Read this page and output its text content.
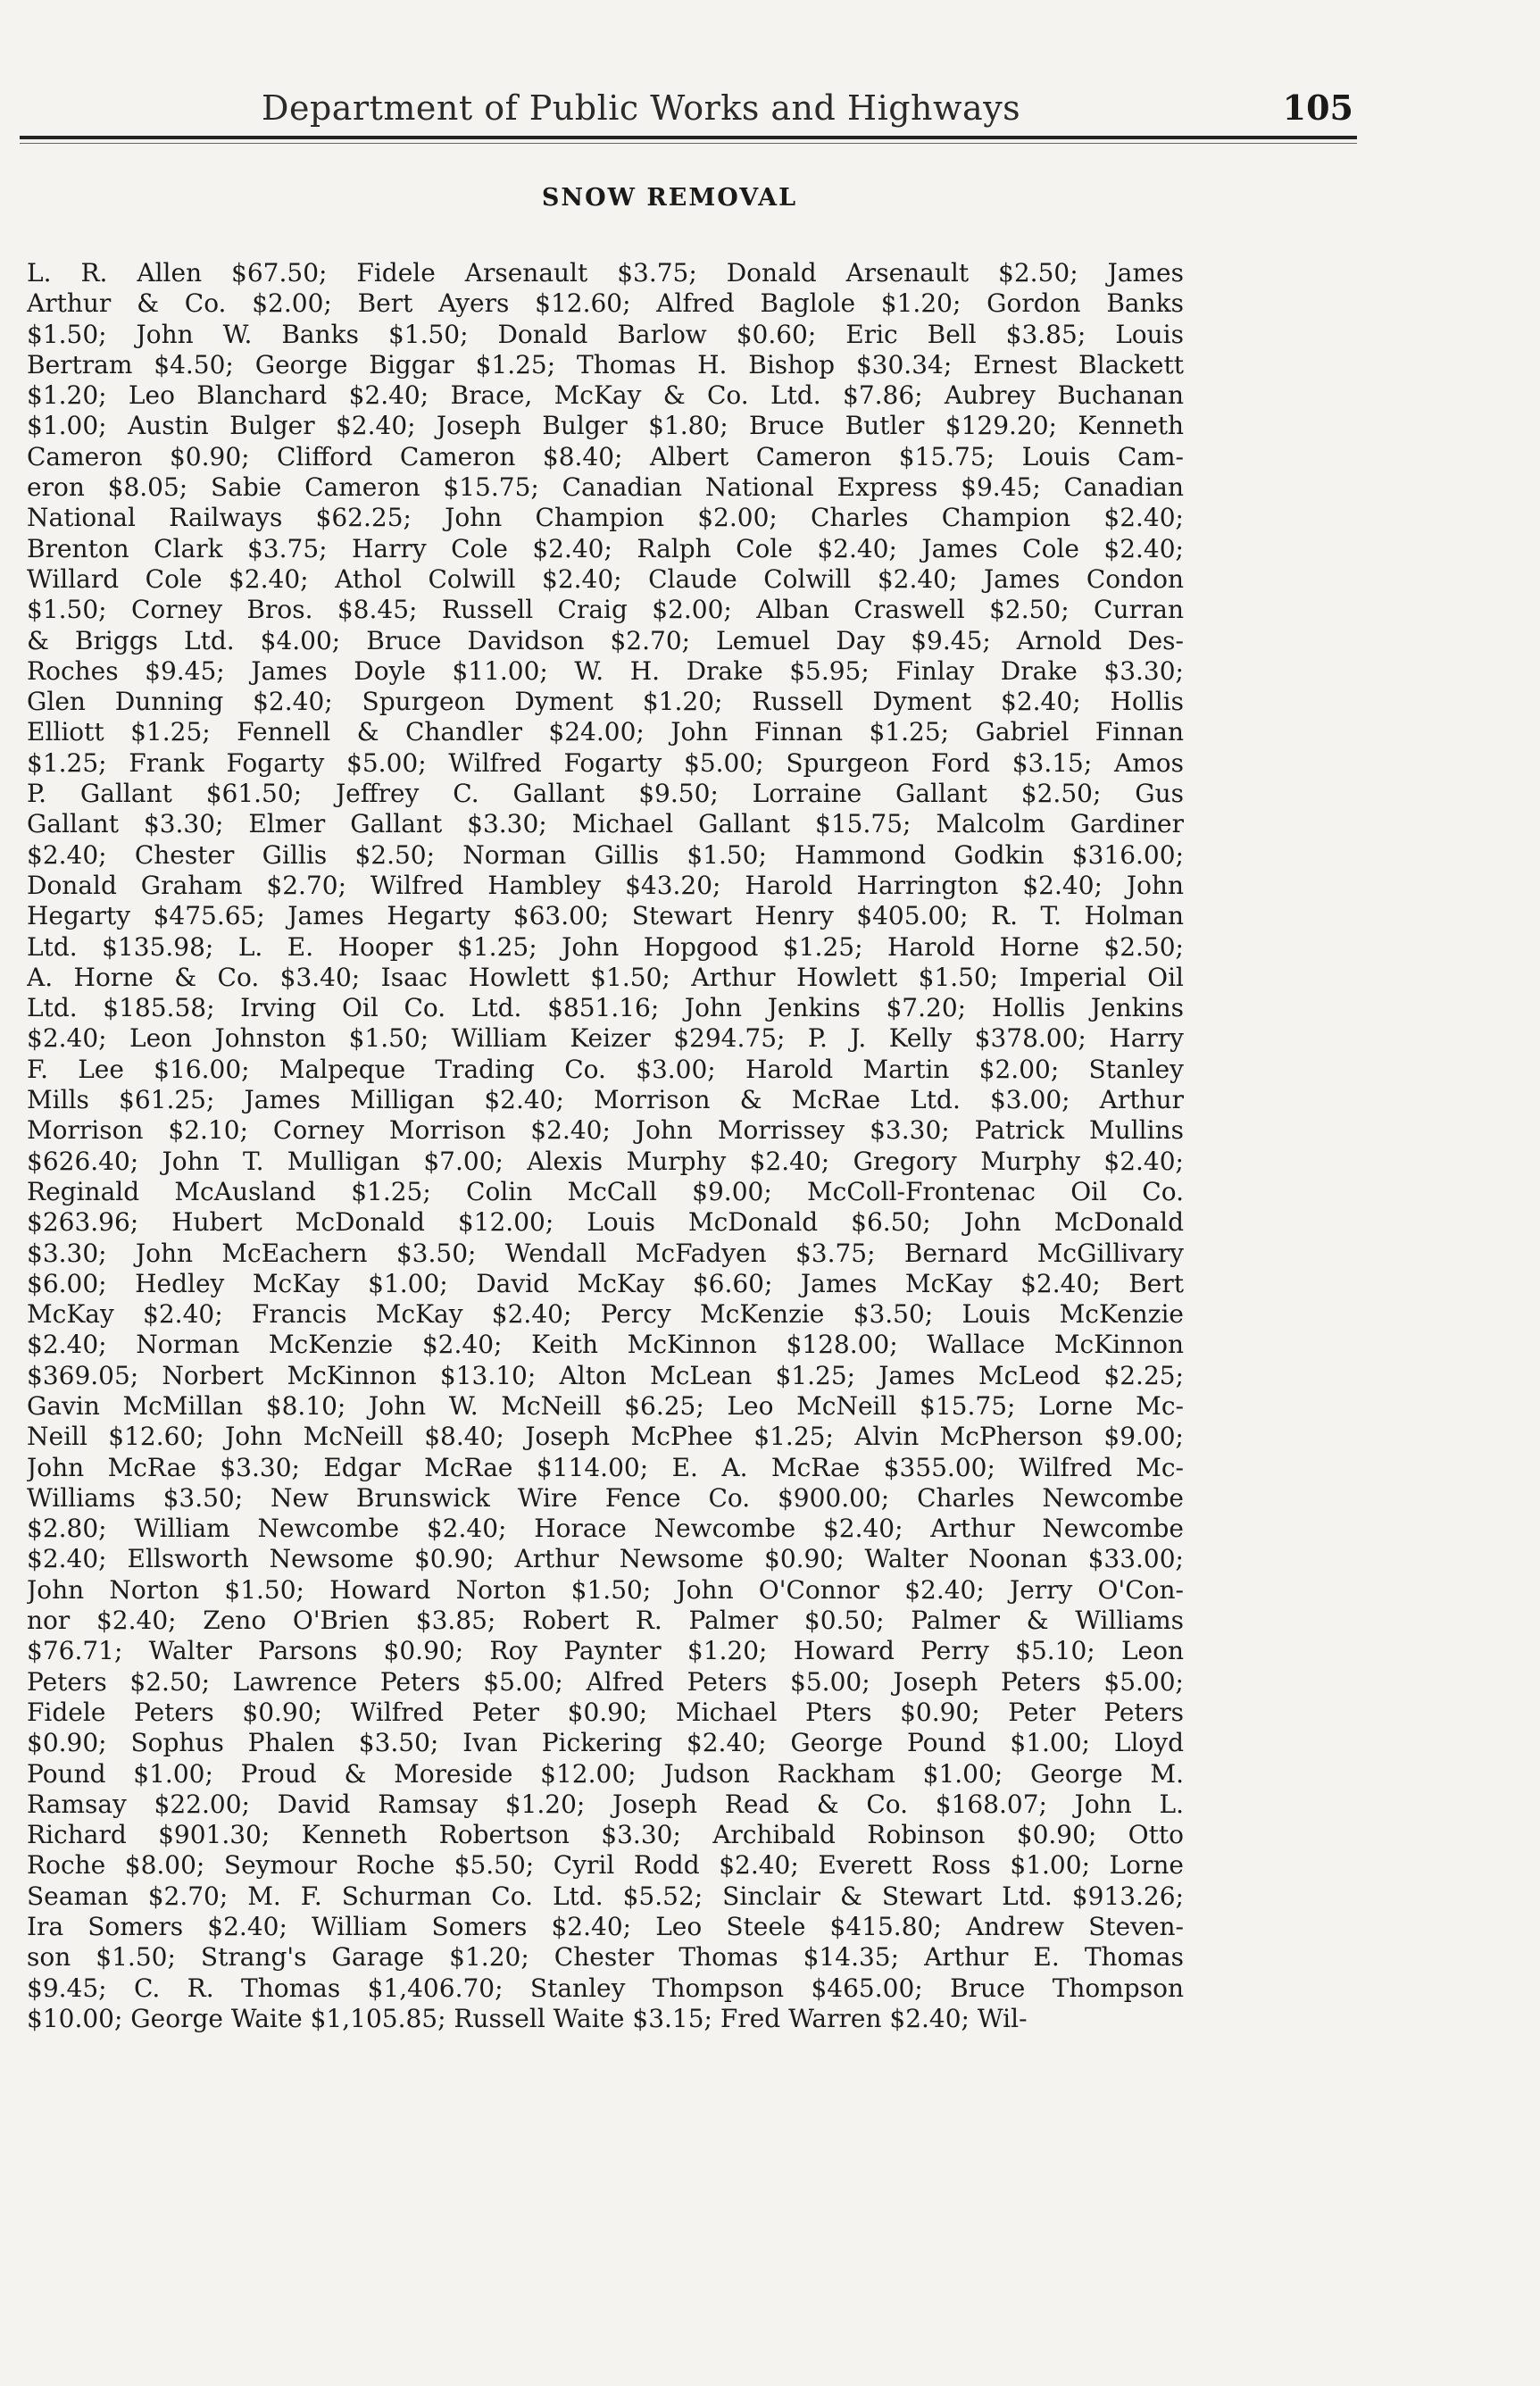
Department of Public Works and Highways	105
SNOW REMOVAL
L. R. Allen $67.50; Fidele Arsenault $3.75; Donald Arsenault $2.50; James
Arthur & Co. $2.00; Bert Ayers $12.60; Alfred Baglole $1.20; Gordon Banks
$1.50; John W. Banks $1.50; Donald Barlow $0.60; Eric Bell $3.85; Louis
Bertram $4.50; George Biggar $1.25; Thomas H. Bishop $30.34; Ernest Blackett
$1.20; Leo Blanchard $2.40; Brace, McKay & Co. Ltd. $7.86; Aubrey Buchanan
$1.00; Austin Bulger $2.40; Joseph Bulger $1.80; Bruce Butler $129.20; Kenneth
Cameron $0.90; Clifford Cameron $8.40; Albert Cameron $15.75; Louis Cam-
eron $8.05; Sabie Cameron $15.75; Canadian National Express $9.45; Canadian
National Railways $62.25; John Champion $2.00; Charles Champion $2.40;
Brenton Clark $3.75; Harry Cole $2.40; Ralph Cole $2.40; James Cole $2.40;
Willard Cole $2.40; Athol Colwill $2.40; Claude Colwill $2.40; James Condon
$1.50; Corney Bros. $8.45; Russell Craig $2.00; Alban Craswell $2.50; Curran
& Briggs Ltd. $4.00; Bruce Davidson $2.70; Lemuel Day $9.45; Arnold Des-
Roches $9.45; James Doyle $11.00; W. H. Drake $5.95; Finlay Drake $3.30;
Glen Dunning $2.40; Spurgeon Dyment $1.20; Russell Dyment $2.40; Hollis
Elliott $1.25; Fennell & Chandler $24.00; John Finnan $1.25; Gabriel Finnan
$1.25; Frank Fogarty $5.00; Wilfred Fogarty $5.00; Spurgeon Ford $3.15; Amos
P. Gallant $61.50; Jeffrey C. Gallant $9.50; Lorraine Gallant $2.50; Gus
Gallant $3.30; Elmer Gallant $3.30; Michael Gallant $15.75; Malcolm Gardiner
$2.40; Chester Gillis $2.50; Norman Gillis $1.50; Hammond Godkin $316.00;
Donald Graham $2.70; Wilfred Hambley $43.20; Harold Harrington $2.40; John
Hegarty $475.65; James Hegarty $63.00; Stewart Henry $405.00; R. T. Holman
Ltd. $135.98; L. E. Hooper $1.25; John Hopgood $1.25; Harold Horne $2.50;
A. Horne & Co. $3.40; Isaac Howlett $1.50; Arthur Howlett $1.50; Imperial Oil
Ltd. $185.58; Irving Oil Co. Ltd. $851.16; John Jenkins $7.20; Hollis Jenkins
$2.40; Leon Johnston $1.50; William Keizer $294.75; P. J. Kelly $378.00; Harry
F. Lee $16.00; Malpeque Trading Co. $3.00; Harold Martin $2.00; Stanley
Mills $61.25; James Milligan $2.40; Morrison & McRae Ltd. $3.00; Arthur
Morrison $2.10; Corney Morrison $2.40; John Morrissey $3.30; Patrick Mullins
$626.40; John T. Mulligan $7.00; Alexis Murphy $2.40; Gregory Murphy $2.40;
Reginald McAusland $1.25; Colin McCall $9.00; McColl-Frontenac Oil Co.
$263.96; Hubert McDonald $12.00; Louis McDonald $6.50; John McDonald
$3.30; John McEachern $3.50; Wendall McFadyen $3.75; Bernard McGillivary
$6.00; Hedley McKay $1.00; David McKay $6.60; James McKay $2.40; Bert
McKay $2.40; Francis McKay $2.40; Percy McKenzie $3.50; Louis McKenzie
$2.40; Norman McKenzie $2.40; Keith McKinnon $128.00; Wallace McKinnon
$369.05; Norbert McKinnon $13.10; Alton McLean $1.25; James McLeod $2.25;
Gavin McMillan $8.10; John W. McNeill $6.25; Leo McNeill $15.75; Lorne Mc-
Neill $12.60; John McNeill $8.40; Joseph McPhee $1.25; Alvin McPherson $9.00;
John McRae $3.30; Edgar McRae $114.00; E. A. McRae $355.00; Wilfred Mc-
Williams $3.50; New Brunswick Wire Fence Co. $900.00; Charles Newcombe
$2.80; William Newcombe $2.40; Horace Newcombe $2.40; Arthur Newcombe
$2.40; Ellsworth Newsome $0.90; Arthur Newsome $0.90; Walter Noonan $33.00;
John Norton $1.50; Howard Norton $1.50; John O'Connor $2.40; Jerry O'Con-
nor $2.40; Zeno O'Brien $3.85; Robert R. Palmer $0.50; Palmer & Williams
$76.71; Walter Parsons $0.90; Roy Paynter $1.20; Howard Perry $5.10; Leon
Peters $2.50; Lawrence Peters $5.00; Alfred Peters $5.00; Joseph Peters $5.00;
Fidele Peters $0.90; Wilfred Peter $0.90; Michael Pters $0.90; Peter Peters
$0.90; Sophus Phalen $3.50; Ivan Pickering $2.40; George Pound $1.00; Lloyd
Pound $1.00; Proud & Moreside $12.00; Judson Rackham $1.00; George M.
Ramsay $22.00; David Ramsay $1.20; Joseph Read & Co. $168.07; John L.
Richard $901.30; Kenneth Robertson $3.30; Archibald Robinson $0.90; Otto
Roche $8.00; Seymour Roche $5.50; Cyril Rodd $2.40; Everett Ross $1.00; Lorne
Seaman $2.70; M. F. Schurman Co. Ltd. $5.52; Sinclair & Stewart Ltd. $913.26;
Ira Somers $2.40; William Somers $2.40; Leo Steele $415.80; Andrew Steven-
son $1.50; Strang's Garage $1.20; Chester Thomas $14.35; Arthur E. Thomas
$9.45; C. R. Thomas $1,406.70; Stanley Thompson $465.00; Bruce Thompson
$10.00; George Waite $1,105.85; Russell Waite $3.15; Fred Warren $2.40; Wil-
